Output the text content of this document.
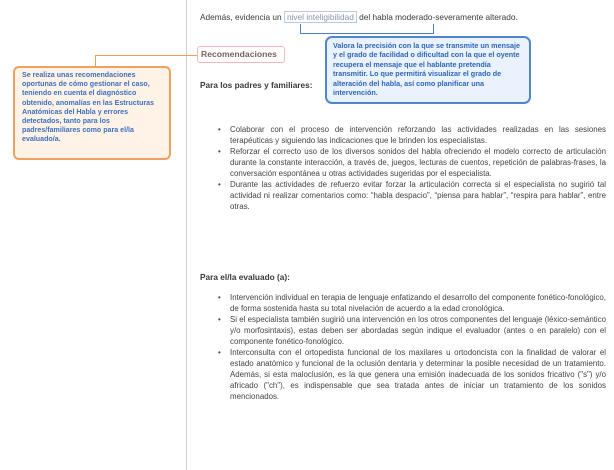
Además, evidencia un nivel inteligibilidad del habla moderado-severamente alterado.
Valora la precisión con la que se transmite un mensaje y el grado de facilidad o dificultad con la que el oyente recupera el mensaje que el hablante pretendía transmitir. Lo que permitirá visualizar el grado de alteración del habla, así como planificar una intervención.
Recomendaciones
Se realiza unas recomendaciones oportunas de cómo gestionar el caso, teniendo en cuenta el diagnóstico obtenido, anomalías en las Estructuras Anatómicas del Habla y errores detectados, tanto para los padres/familiares como para el/la evaluado/a.
Para los padres y familiares:
• Colaborar con el proceso de intervención reforzando las actividades realizadas en las sesiones terapéuticas y siguiendo las indicaciones que le brinden los especialistas.
• Reforzar el correcto uso de los diversos sonidos del habla ofreciendo el modelo correcto de articulación durante la constante interacción, a través de, juegos, lecturas de cuentos, repetición de palabras-frases, la conversación espontánea u otras actividades sugeridas por el especialista.
• Durante las actividades de refuerzo evitar forzar la articulación correcta si el especialista no sugirió tal actividad ni realizar comentarios como: “habla despacio”, “piensa para hablar”, “respira para hablar”, entre otras.
Para el/la evaluado (a):
• Intervención individual en terapia de lenguaje enfatizando el desarrollo del componente fonético-fonológico, de forma sostenida hasta su total nivelación de acuerdo a la edad cronológica.
• Si el especialista también sugirió una intervención en los otros componentes del lenguaje (léxico-semántico y/o morfosintaxis), estas deben ser abordadas según indique el evaluador (antes o en paralelo) con el componente fonético-fonológico.
• Interconsulta con el ortopedista funcional de los maxilares u ortodoncista con la finalidad de valorar el estado anatómico y funcional de la oclusión dentaria y determinar la posible necesidad de un tratamiento. Además, si esta maloclusión, es la que genera una emisión inadecuada de los sonidos fricativo ("s") y/o africado ("ch"), es indispensable que sea tratada antes de iniciar un tratamiento de los sonidos mencionados.
